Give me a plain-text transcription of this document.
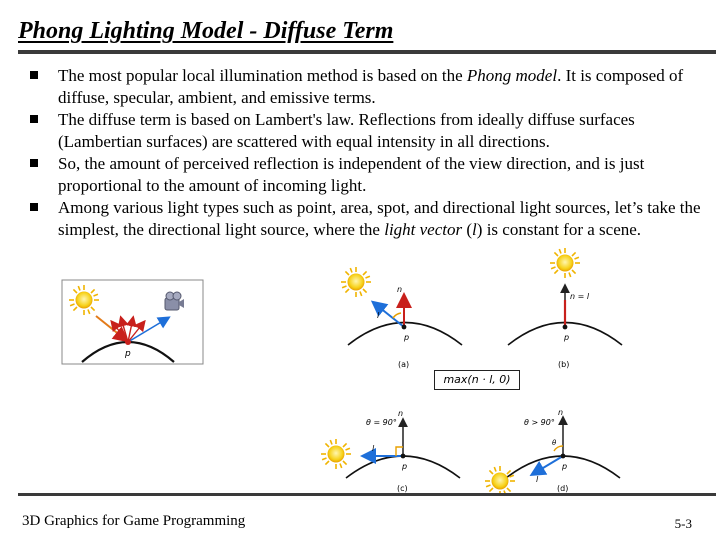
Phong Lighting Model - Diffuse Term
The most popular local illumination method is based on the Phong model. It is composed of diffuse, specular, ambient, and emissive terms.
The diffuse term is based on Lambert's law. Reflections from ideally diffuse surfaces (Lambertian surfaces) are scattered with equal intensity in all directions.
So, the amount of perceived reflection is independent of the view direction, and is just proportional to the amount of incoming light.
Among various light types such as point, area, spot, and directional light sources, let’s take the simplest, the directional light source, where the light vector (l) is constant for a scene.
p
n
l
p
(a)
n = l
p
(b)
θ = 90°
n
l
p
(c)
θ > 90°
n
θ
l
p
(d)
max(n · l, 0)
3D Graphics for Game Programming	5-3
